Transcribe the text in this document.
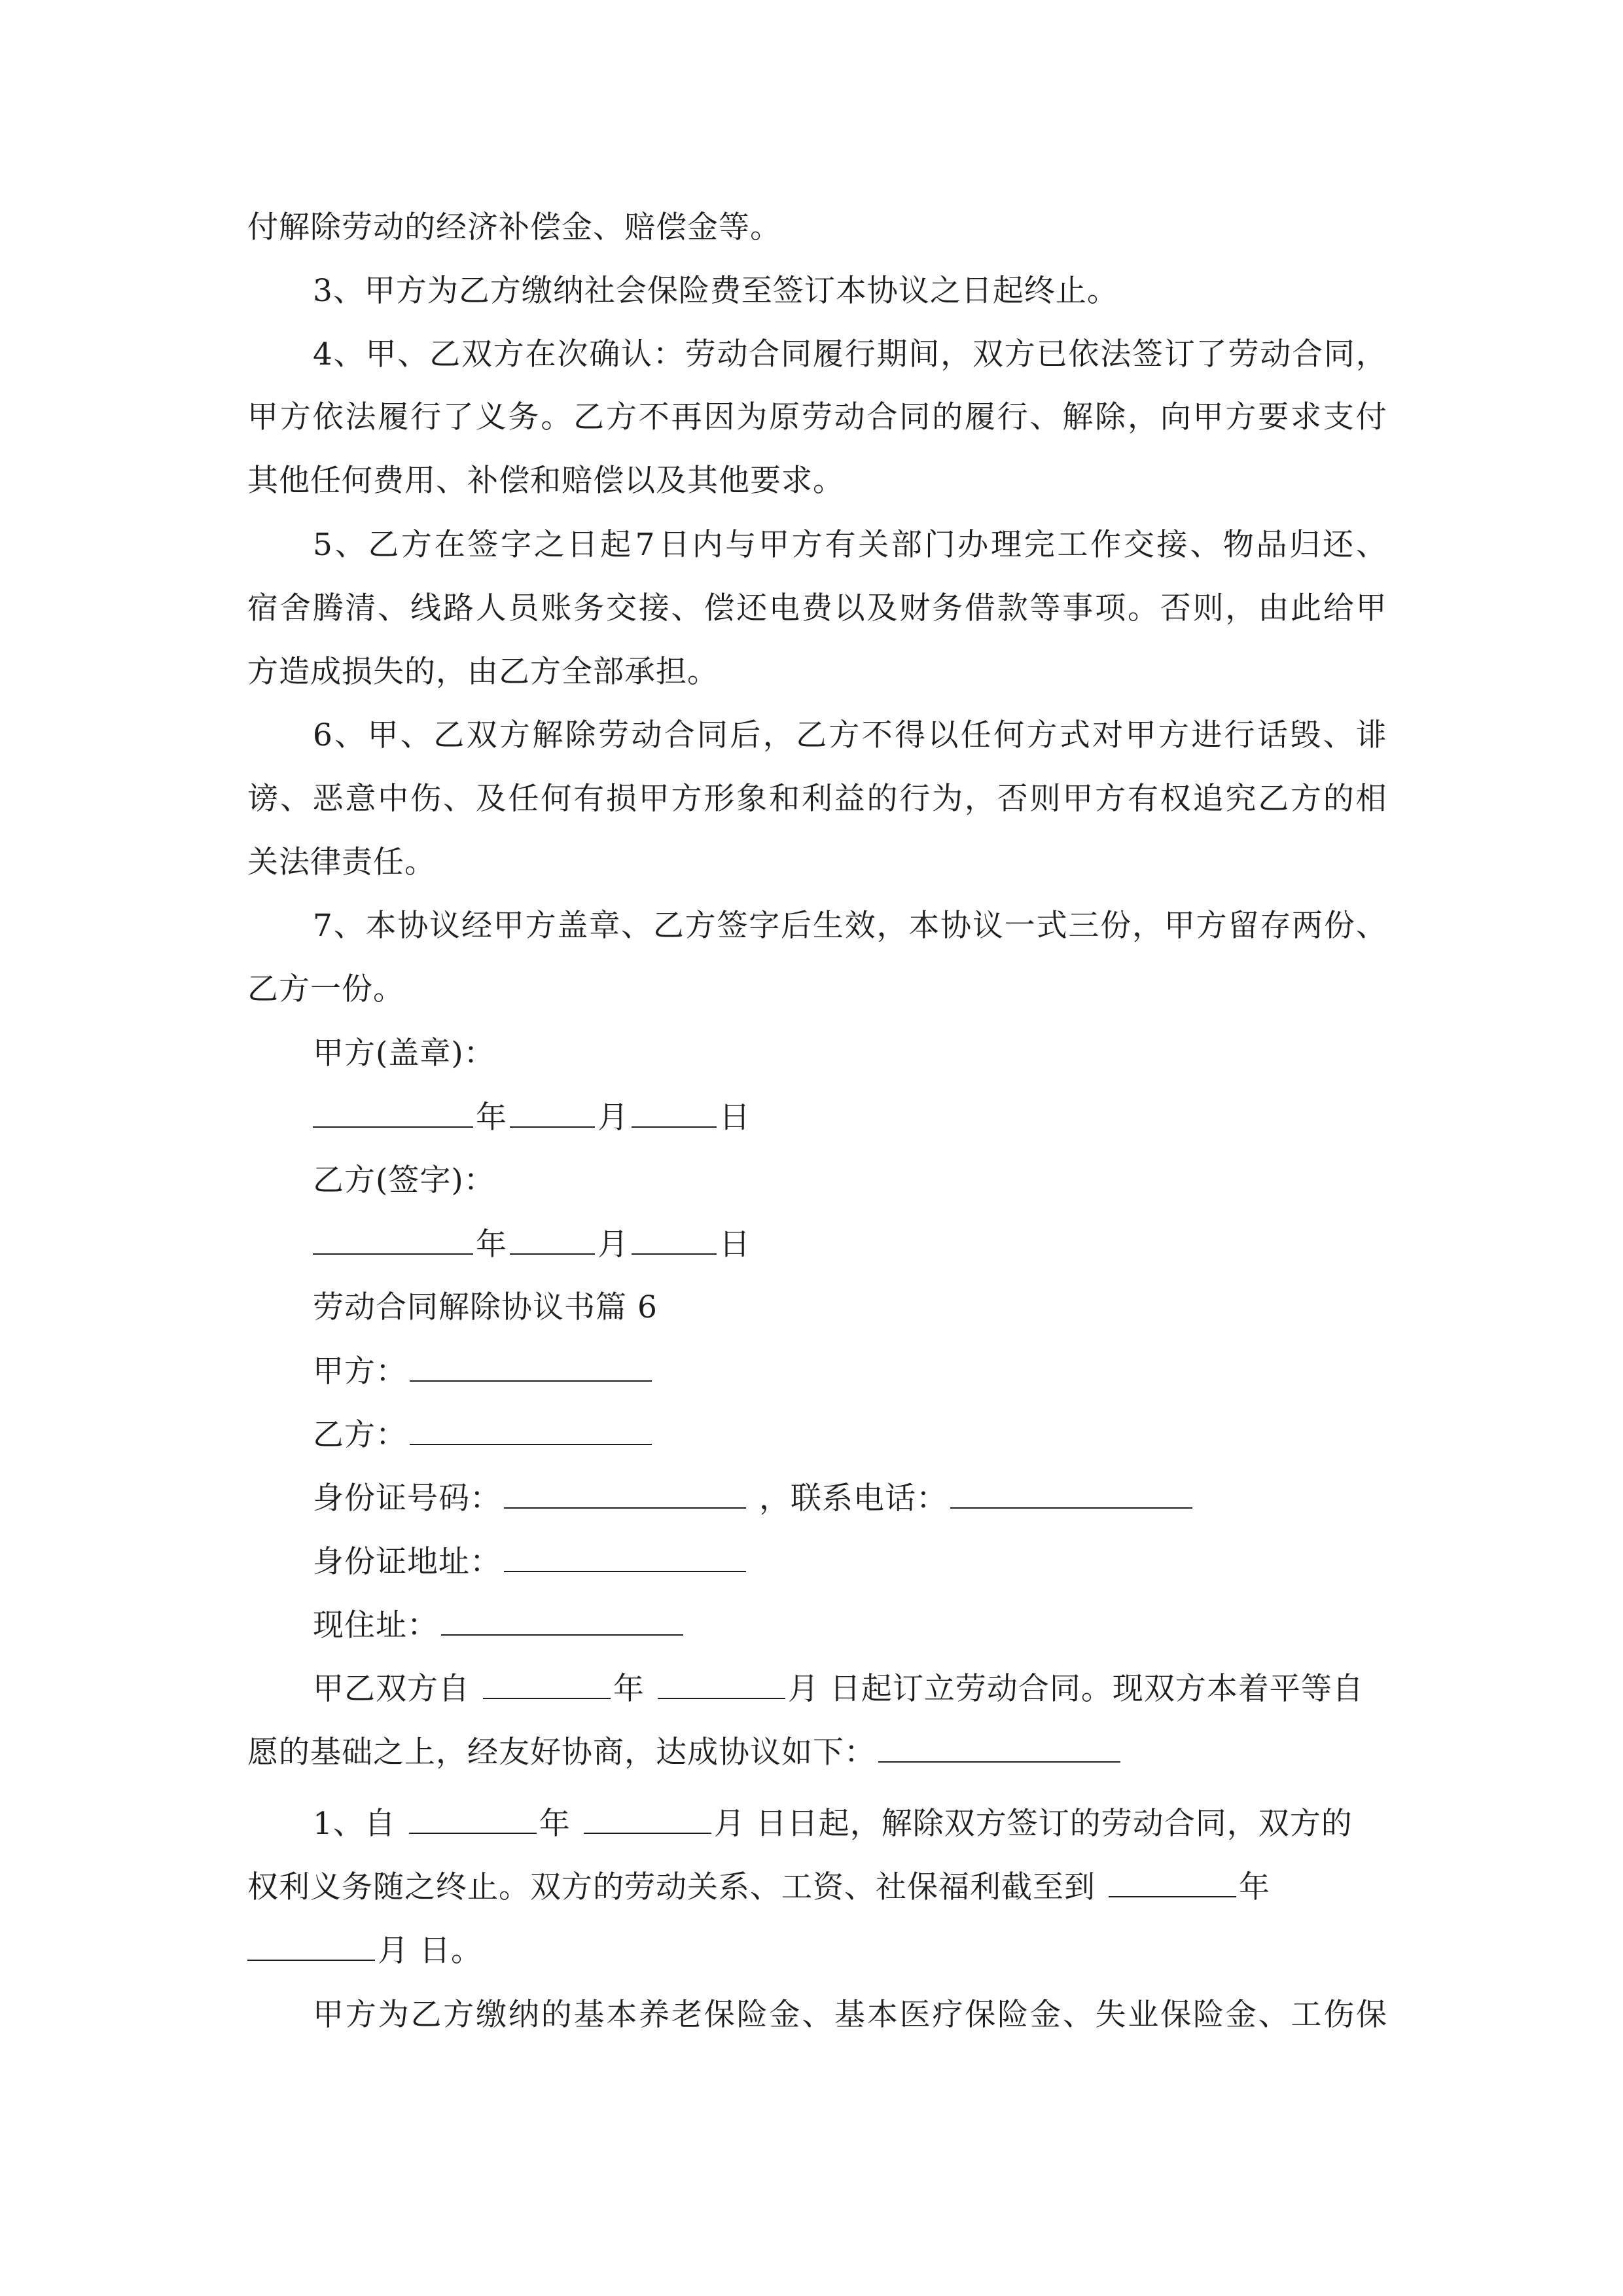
付解除劳动的经济补偿金、赔偿金等。
3、甲方为乙方缴纳社会保险费至签订本协议之日起终止。
4 、 甲 、 乙 双 方 在 次 确 认 ： 劳 动 合 同 履 行 期 间 ， 双 方 已 依 法 签 订 了 劳 动 合 同 ，
甲 方 依 法 履 行 了 义 务 。 乙 方 不 再 因 为 原 劳 动 合 同 的 履 行 、 解 除 ， 向 甲 方 要 求 支 付
其他任何费用、补偿和赔偿以及其他要求。
5 、 乙 方 在 签 字 之 日 起 7 日 内 与 甲 方 有 关 部 门 办 理 完 工 作 交 接 、 物 品 归 还 、
宿 舍 腾 清 、 线 路 人 员 账 务 交 接 、 偿 还 电 费 以 及 财 务 借 款 等 事 项 。 否 则 ， 由 此 给 甲
方造成损失的，由乙方全部承担。
6 、 甲 、 乙 双 方 解 除 劳 动 合 同 后 ， 乙 方 不 得 以 任 何 方 式 对 甲 方 进 行 话 毁 、 诽
谤 、 恶 意 中 伤 、 及 任 何 有 损 甲 方 形 象 和 利 益 的 行 为 ， 否 则 甲 方 有 权 追 究 乙 方 的 相
关法律责任。
7 、 本 协 议 经 甲 方 盖 章 、 乙 方 签 字 后 生 效 ， 本 协 议 一 式 三 份 ， 甲 方 留 存 两 份 、
乙方一份。
甲方(盖章)：
年	月	日
乙方(签字)：
年	月	日
劳动合同解除协议书篇 6
甲方：
乙方：
身份证号码：	，联系电话：
身份证地址：
现住址：
甲乙双方自	年	月 日起订立劳动合同。现双方本着平等自
愿的基础之上，经友好协商，达成协议如下：
1、自	年	月 日日起，解除双方签订的劳动合同，双方的
权利义务随之终止。双方的劳动关系、工资、社保福利截至到	年
月 日。
甲 方 为 乙 方 缴 纳 的 基 本 养 老 保 险 金 、 基 本 医 疗 保 险 金 、 失 业 保 险 金 、 工 伤 保
